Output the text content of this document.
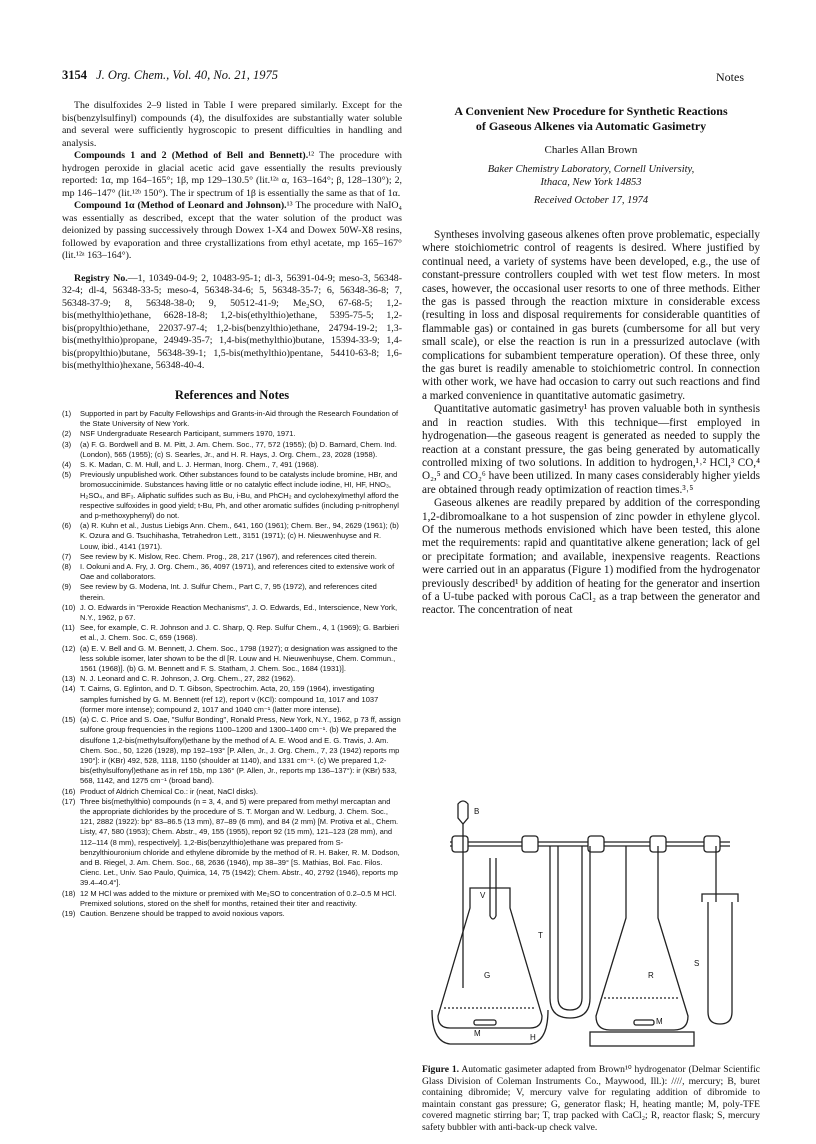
3154 J. Org. Chem., Vol. 40, No. 21, 1975	Notes

The disulfoxides 2–9 listed in Table I were prepared similarly. Except for the bis(benzylsulfinyl) compounds (4), the disulfoxides are substantially water soluble and several were sufficiently hygroscopic to present difficulties in handling and analysis.

Compounds 1 and 2 (Method of Bell and Bennett).¹² The procedure with hydrogen peroxide in glacial acetic acid gave essentially the results previously reported: 1α, mp 164–165°; 1β, mp 129–130.5° (lit.¹²ᵃ α, 163–164°; β, 128–130°); 2, mp 146–147° (lit.¹²ᵇ 150°). The ir spectrum of 1β is essentially the same as that of 1α.

Compound 1α (Method of Leonard and Johnson).¹³ The procedure with NaIO₄ was essentially as described, except that the water solution of the product was deionized by passing successively through Dowex 1-X4 and Dowex 50W-X8 resins, followed by evaporation and three crystallizations from ethyl acetate, mp 165–167° (lit.¹²ᵃ 163–164°).

Registry No.—1, 10349-04-9; 2, 10483-95-1; dl-3, 56391-04-9; meso-3, 56348-32-4; dl-4, 56348-33-5; meso-4, 56348-34-6; 5, 56348-35-7; 6, 56348-36-8; 7, 56348-37-9; 8, 56348-38-0; 9, 50512-41-9; Me₂SO, 67-68-5; 1,2-bis(methylthio)ethane, 6628-18-8; 1,2-bis(ethylthio)ethane, 5395-75-5; 1,2-bis(propylthio)ethane, 22037-97-4; 1,2-bis(benzylthio)ethane, 24794-19-2; 1,3-bis(methylthio)propane, 24949-35-7; 1,4-bis(methylthio)butane, 15394-33-9; 1,4-bis(propylthio)butane, 56348-39-1; 1,5-bis(methylthio)pentane, 54410-63-8; 1,6-bis(methylthio)hexane, 56348-40-4.

References and Notes
(1)	Supported in part by Faculty Fellowships and Grants-in-Aid through the Research Foundation of the State University of New York.
(2)	NSF Undergraduate Research Participant, summers 1970, 1971.
(3)	(a) F. G. Bordwell and B. M. Pitt, J. Am. Chem. Soc., 77, 572 (1955); (b) D. Barnard, Chem. Ind. (London), 565 (1955); (c) S. Searles, Jr., and H. R. Hays, J. Org. Chem., 23, 2028 (1958).
(4)	S. K. Madan, C. M. Hull, and L. J. Herman, Inorg. Chem., 7, 491 (1968).
(5)	Previously unpublished work. Other substances found to be catalysts include bromine, HBr, and bromosuccinimide. Substances having little or no catalytic effect include iodine, HI, HF, HNO₃, H₂SO₄, and BF₃. Aliphatic sulfides such as Bu, i-Bu, and PhCH₂ and cyclohexylmethyl afford the respective sulfoxides in good yield; t-Bu, Ph, and other aromatic sulfides (including p-nitrophenyl and p-methoxyphenyl) do not.
(6)	(a) R. Kuhn et al., Justus Liebigs Ann. Chem., 641, 160 (1961); Chem. Ber., 94, 2629 (1961); (b) K. Ozura and G. Tsuchihasha, Tetrahedron Lett., 3151 (1971); (c) H. Nieuwenhuyse and R. Louw, ibid., 4141 (1971).
(7)	See review by K. Mislow, Rec. Chem. Prog., 28, 217 (1967), and references cited therein.
(8)	I. Ookuni and A. Fry, J. Org. Chem., 36, 4097 (1971), and references cited to extensive work of Oae and collaborators.
(9)	See review by G. Modena, Int. J. Sulfur Chem., Part C, 7, 95 (1972), and references cited therein.
(10) J. O. Edwards in "Peroxide Reaction Mechanisms", J. O. Edwards, Ed., Interscience, New York, N.Y., 1962, p 67.
(11) See, for example, C. R. Johnson and J. C. Sharp, Q. Rep. Sulfur Chem., 4, 1 (1969); G. Barbieri et al., J. Chem. Soc. C, 659 (1968).
(12) (a) E. V. Bell and G. M. Bennett, J. Chem. Soc., 1798 (1927); α designation was assigned to the less soluble isomer, later shown to be the dl [R. Louw and H. Nieuwenhuyse, Chem. Commun., 1561 (1968)]. (b) G. M. Bennett and F. S. Statham, J. Chem. Soc., 1684 (1931)].
(13) N. J. Leonard and C. R. Johnson, J. Org. Chem., 27, 282 (1962).
(14) T. Cairns, G. Eglinton, and D. T. Gibson, Spectrochim. Acta, 20, 159 (1964), investigating samples furnished by G. M. Bennett (ref 12), report ν (KCl): compound 1α, 1017 and 1037 (former more intense); compound 2, 1017 and 1040 cm⁻¹ (latter more intense).
(15) (a) C. C. Price and S. Oae, "Sulfur Bonding", Ronald Press, New York, N.Y., 1962, p 73 ff, assign sulfone group frequencies in the regions 1100–1200 and 1300–1400 cm⁻¹. (b) We prepared the disulfone 1,2-bis(methylsulfonyl)ethane by the method of A. E. Wood and E. G. Travis, J. Am. Chem. Soc., 50, 1226 (1928), mp 192–193° [P. Allen, Jr., J. Org. Chem., 7, 23 (1942) reports mp 190°]: ir (KBr) 492, 528, 1118, 1150 (shoulder at 1140), and 1331 cm⁻¹. (c) We prepared 1,2-bis(ethylsulfonyl)ethane as in ref 15b, mp 136° (P. Allen, Jr., reports mp 136–137°): ir (KBr) 533, 568, 1142, and 1275 cm⁻¹ (broad band).
(16) Product of Aldrich Chemical Co.: ir (neat, NaCl disks).
(17) Three bis(methylthio) compounds (n = 3, 4, and 5) were prepared from methyl mercaptan and the appropriate dichlorides by the procedure of S. T. Morgan and W. Ledburg, J. Chem. Soc., 121, 2882 (1922): bp° 83–86.5 (13 mm), 87–89 (6 mm), and 84 (2 mm) [M. Protiva et al., Chem. Listy, 47, 580 (1953); Chem. Abstr., 49, 155 (1955), report 92 (15 mm), 121–123 (28 mm), and 112–114 (8 mm), respectively]. 1,2-Bis(benzylthio)ethane was prepared from S-benzylthiouronium chloride and ethylene dibromide by the method of R. H. Baker, R. M. Dodson, and B. Riegel, J. Am. Chem. Soc., 68, 2636 (1946), mp 38–39° [S. Mathias, Bol. Fac. Filos. Cienc. Let., Univ. Sao Paulo, Quimica, 14, 75 (1942); Chem. Abstr., 40, 2792 (1946), reports mp 39.4–40.4°].
(18) 12 M HCl was added to the mixture or premixed with Me₂SO to concentration of 0.2–0.5 M HCl. Premixed solutions, stored on the shelf for months, retained their titer and reactivity.
(19) Caution. Benzene should be trapped to avoid noxious vapors.
A Convenient New Procedure for Synthetic Reactions
of Gaseous Alkenes via Automatic Gasimetry
Charles Allan Brown
Baker Chemistry Laboratory, Cornell University,
Ithaca, New York 14853
Received October 17, 1974

Syntheses involving gaseous alkenes often prove problematic, especially where stoichiometric control of reagents is desired. Where justified by continual need, a variety of systems have been developed, e.g., the use of constant-pressure controllers coupled with wet test flow meters. In most cases, however, the occasional user resorts to one of three methods. Either the gas is passed through the reaction mixture in considerable excess (resulting in loss and disposal requirements for considerable quantities of flammable gas) or contained in gas burets (cumbersome for all but very small scale), or else the reaction is run in a pressurized autoclave (with complications for subambient temperature operation). Of these three, only the gas buret is readily amenable to stoichiometric control. In connection with other work, we have had occasion to carry out such reactions and find a marked convenience in quantitative automatic gasimetry.

Quantitative automatic gasimetry¹ has proven valuable both in synthesis and in reaction studies. With this technique—first employed in hydrogenation—the gaseous reagent is generated as needed to supply the reaction at a constant pressure, the gas being generated by automatically controlled mixing of two solutions. In addition to hydrogen,¹˒² HCl,³ CO,⁴ O₂,⁵ and CO₂⁶ have been utilized. In many cases considerably higher yields are obtained through ready optimization of reaction times.³˒⁵

Gaseous alkenes are readily prepared by addition of the corresponding 1,2-dibromoalkane to a hot suspension of zinc powder in ethylene glycol. Of the numerous methods envisioned which have been tested, this alone met the requirements: rapid and quantitative alkene generation; lack of gel or precipitate formation; and available, inexpensive reagents. Reactions were carried out in an apparatus (Figure 1) modified from the hydrogenator previously described¹ by addition of heating for the generator and insertion of a U-tube packed with porous CaCl₂ as a trap between the generator and reactor. The concentration of neat

B
V
T
G	R
S
M	H
M
Figure 1. Automatic gasimeter adapted from Brown¹⁰ hydrogenator (Delmar Scientific Glass Division of Coleman Instruments Co., Maywood, Ill.): ////, mercury; B, buret containing dibromide; V, mercury valve for regulating addition of dibromide to maintain constant gas pressure; G, generator flask; H, heating mantle; M, poly-TFE covered magnetic stirring bar; T, trap packed with CaCl₂; R, reactor flask; S, mercury safety bubbler with anti-back-up check valve.
